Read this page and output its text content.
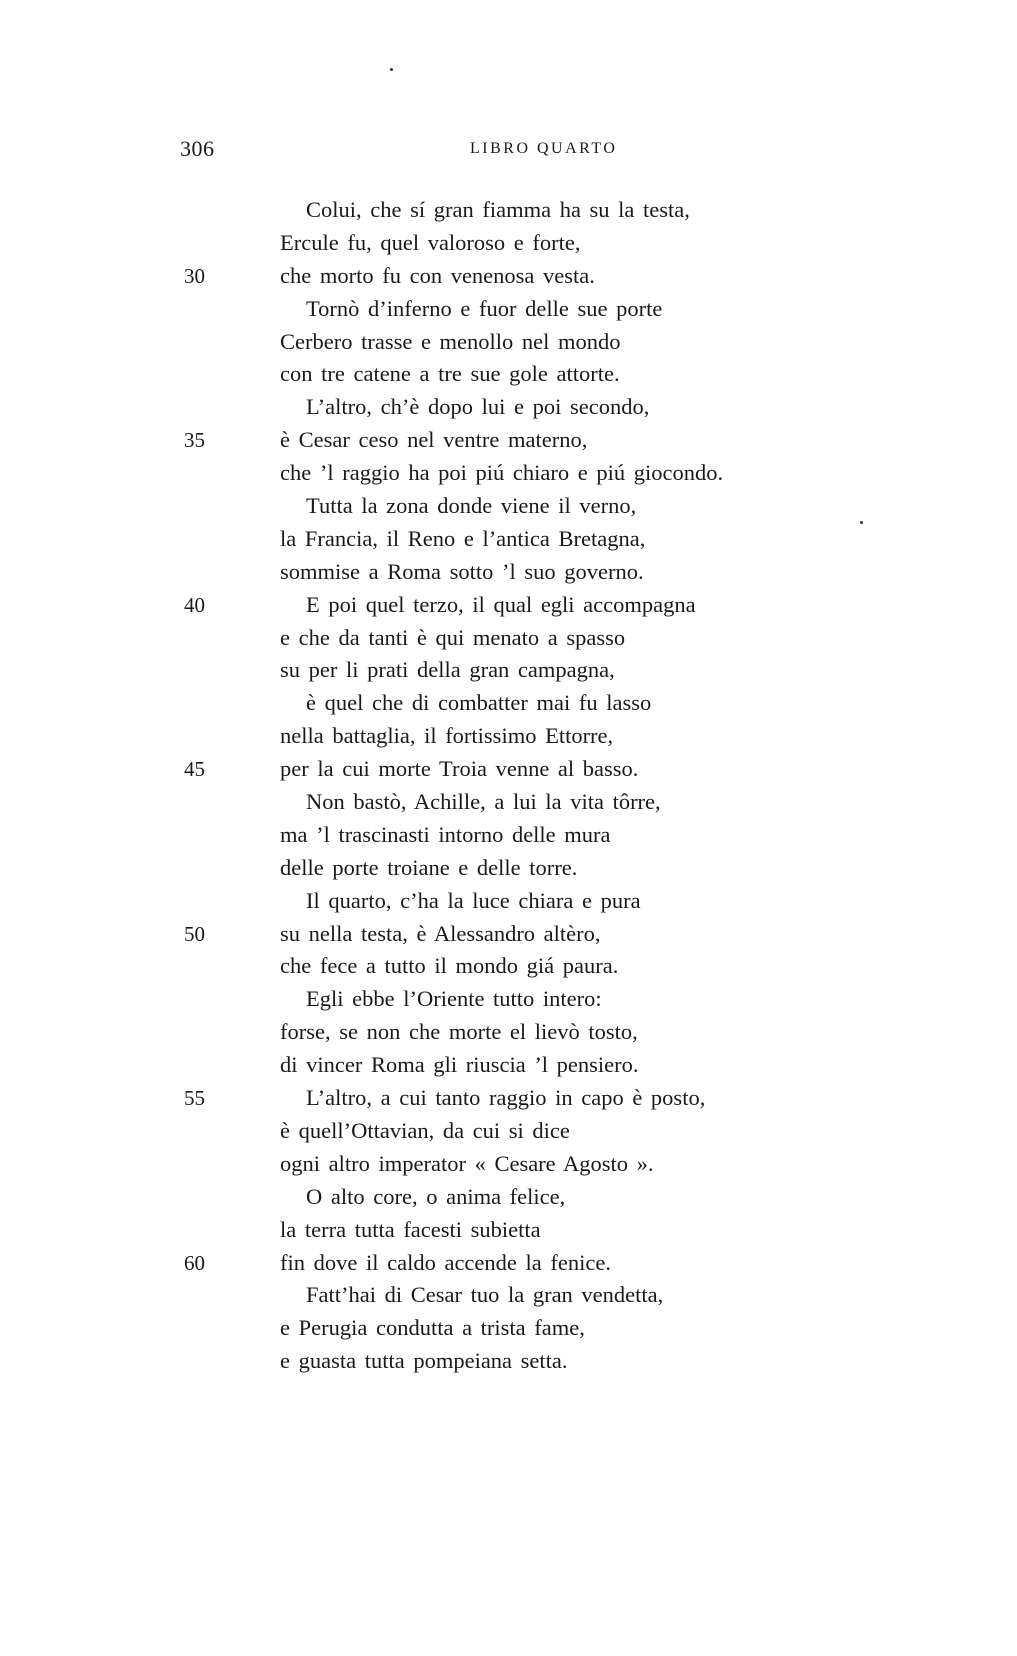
306	LIBRO QUARTO
Colui, che sí gran fiamma ha su la testa,
Ercule fu, quel valoroso e forte,
30	che morto fu con venenosa vesta.
Tornò d’inferno e fuor delle sue porte
Cerbero trasse e menollo nel mondo
con tre catene a tre sue gole attorte.
L’altro, ch’è dopo lui e poi secondo,
35	è Cesar ceso nel ventre materno,
che ’l raggio ha poi piú chiaro e piú giocondo.
Tutta la zona donde viene il verno,
la Francia, il Reno e l’antica Bretagna,
sommise a Roma sotto ’l suo governo.
40	E poi quel terzo, il qual egli accompagna
e che da tanti è qui menato a spasso
su per li prati della gran campagna,
è quel che di combatter mai fu lasso
nella battaglia, il fortissimo Ettorre,
45	per la cui morte Troia venne al basso.
Non bastò, Achille, a lui la vita tôrre,
ma ’l trascinasti intorno delle mura
delle porte troiane e delle torre.
Il quarto, c’ha la luce chiara e pura
50	su nella testa, è Alessandro altèro,
che fece a tutto il mondo giá paura.
Egli ebbe l’Oriente tutto intero:
forse, se non che morte el lievò tosto,
di vincer Roma gli riuscia ’l pensiero.
55	L’altro, a cui tanto raggio in capo è posto,
è quell’Ottavian, da cui si dice
ogni altro imperator « Cesare Agosto ».
O alto core, o anima felice,
la terra tutta facesti subietta
60	fin dove il caldo accende la fenice.
Fatt’hai di Cesar tuo la gran vendetta,
e Perugia condutta a trista fame,
e guasta tutta pompeiana setta.
